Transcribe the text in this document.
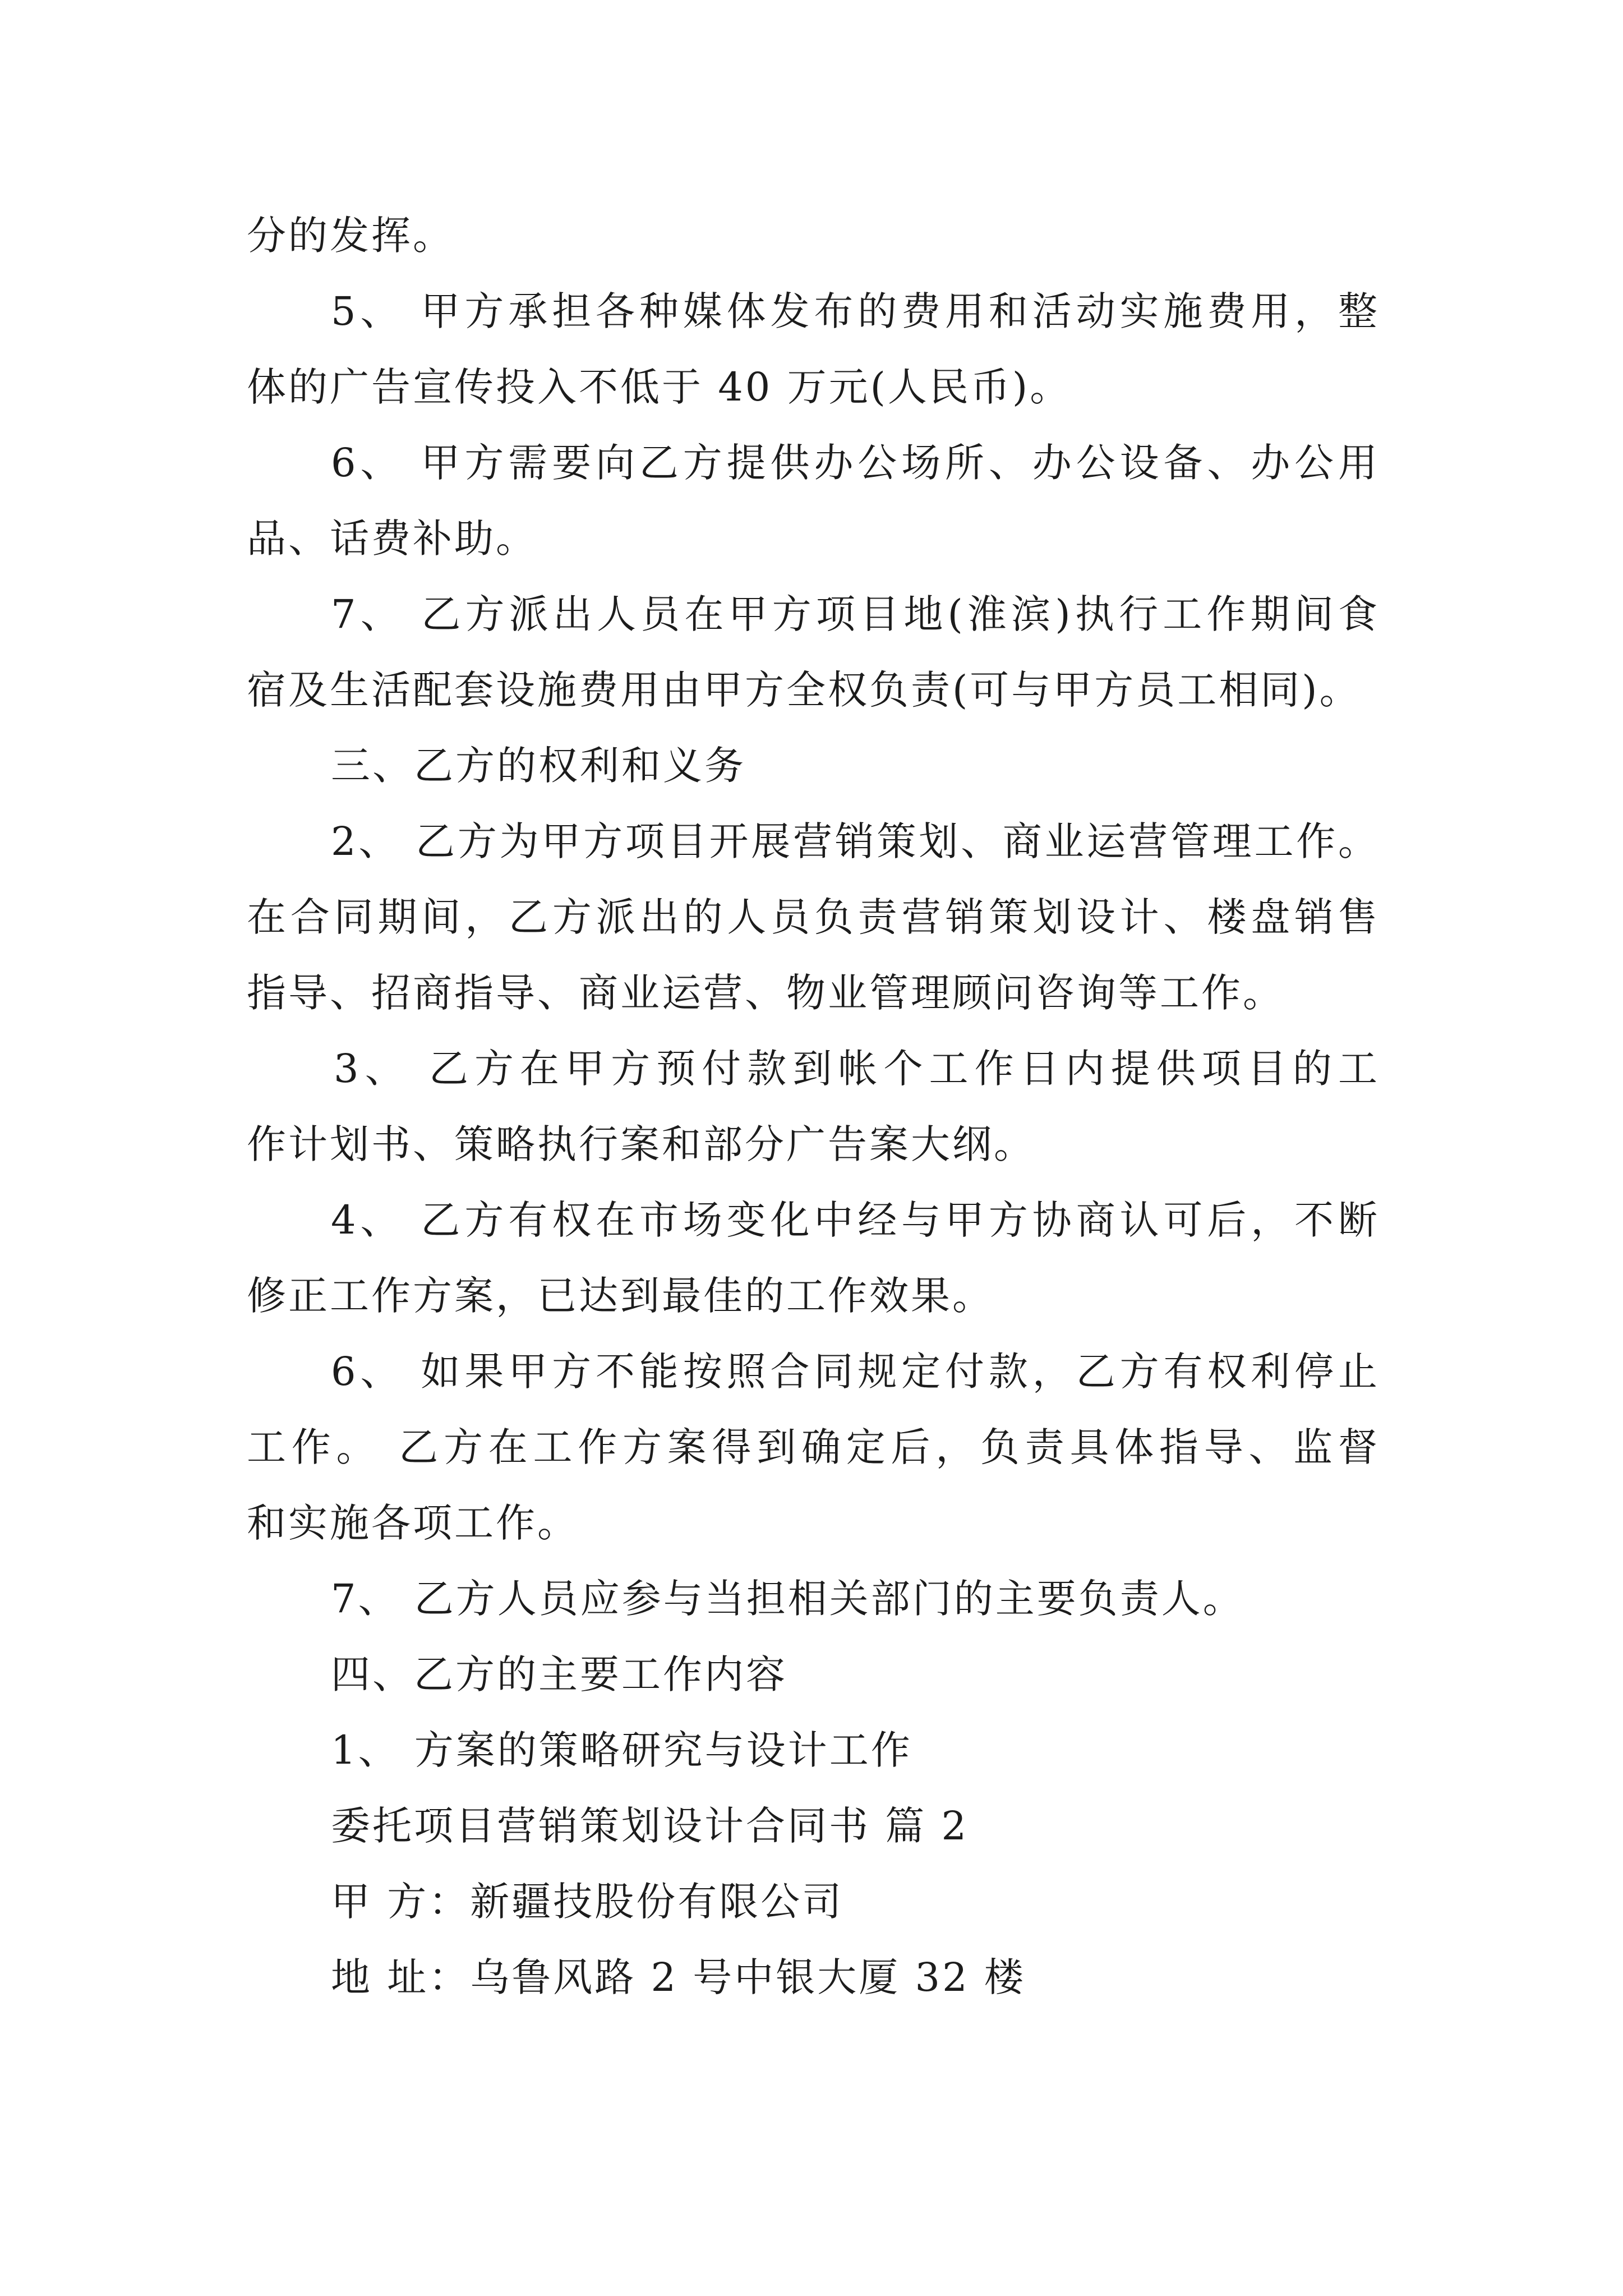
分的发挥。
5、 甲方承担各种媒体发布的费用和活动实施费用，整
体的广告宣传投入不低于 40 万元(人民币)。
6、 甲方需要向乙方提供办公场所、办公设备、办公用
品、话费补助。
7、 乙方派出人员在甲方项目地(淮滨)执行工作期间食
宿及生活配套设施费用由甲方全权负责(可与甲方员工相同)。
三、乙方的权利和义务
2、 乙方为甲方项目开展营销策划、商业运营管理工作。
在合同期间，乙方派出的人员负责营销策划设计、楼盘销售
指导、招商指导、商业运营、物业管理顾问咨询等工作。
3、 乙方在甲方预付款到帐个工作日内提供项目的工
作计划书、策略执行案和部分广告案大纲。
4、 乙方有权在市场变化中经与甲方协商认可后，不断
修正工作方案，已达到最佳的工作效果。
6、 如果甲方不能按照合同规定付款，乙方有权利停止
工作。 乙方在工作方案得到确定后，负责具体指导、监督
和实施各项工作。
7、 乙方人员应参与当担相关部门的主要负责人。
四、乙方的主要工作内容
1、 方案的策略研究与设计工作
委托项目营销策划设计合同书 篇 2
甲 方：新疆技股份有限公司
地 址：乌鲁风路 2 号中银大厦 32 楼
